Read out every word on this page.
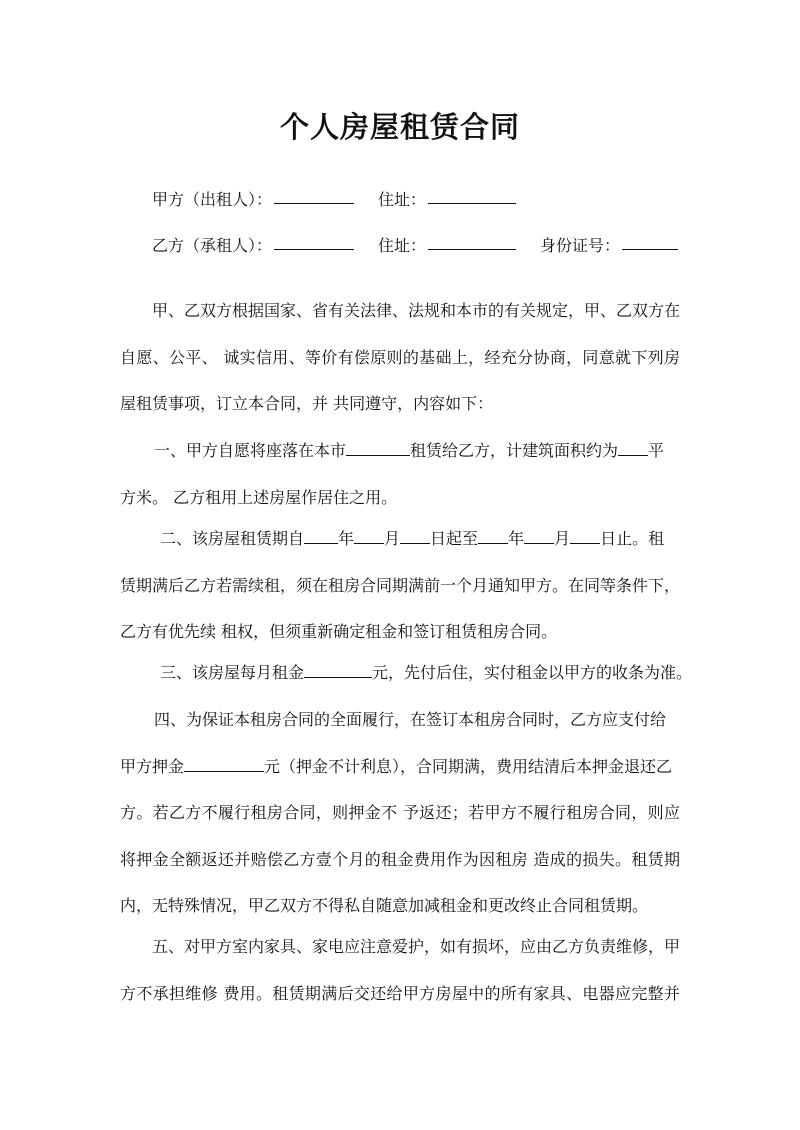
个人房屋租赁合同
甲方（出租人）：	住址：
乙方（承租人）：	住址：	身份证号：
甲、乙双方根据国家、省有关法律、法规和本市的有关规定，甲、乙双方在
自愿、公平、 诚实信用、等价有偿原则的基础上，经充分协商，同意就下列房
屋租赁事项，订立本合同，并 共同遵守，内容如下：
一、甲方自愿将座落在本市	租赁给乙方，计建筑面积约为 平
方米。 乙方租用上述房屋作居住之用。
二、该房屋租赁期自 年 月 日起至 年 月 日止。租
赁期满后乙方若需续租，须在租房合同期满前一个月通知甲方。在同等条件下，
乙方有优先续 租权，但须重新确定租金和签订租赁租房合同。
三、该房屋每月租金	元，先付后住，实付租金以甲方的收条为准。
四、为保证本租房合同的全面履行，在签订本租房合同时，乙方应支付给
甲方押金	元（押金不计利息），合同期满，费用结清后本押金退还乙
方。若乙方不履行租房合同，则押金不 予返还；若甲方不履行租房合同，则应
将押金全额返还并赔偿乙方壹个月的租金费用作为因租房 造成的损失。租赁期
内，无特殊情况，甲乙双方不得私自随意加减租金和更改终止合同租赁期。
五、对甲方室内家具、家电应注意爱护，如有损坏，应由乙方负责维修，甲
方不承担维修 费用。租赁期满后交还给甲方房屋中的所有家具、电器应完整并
